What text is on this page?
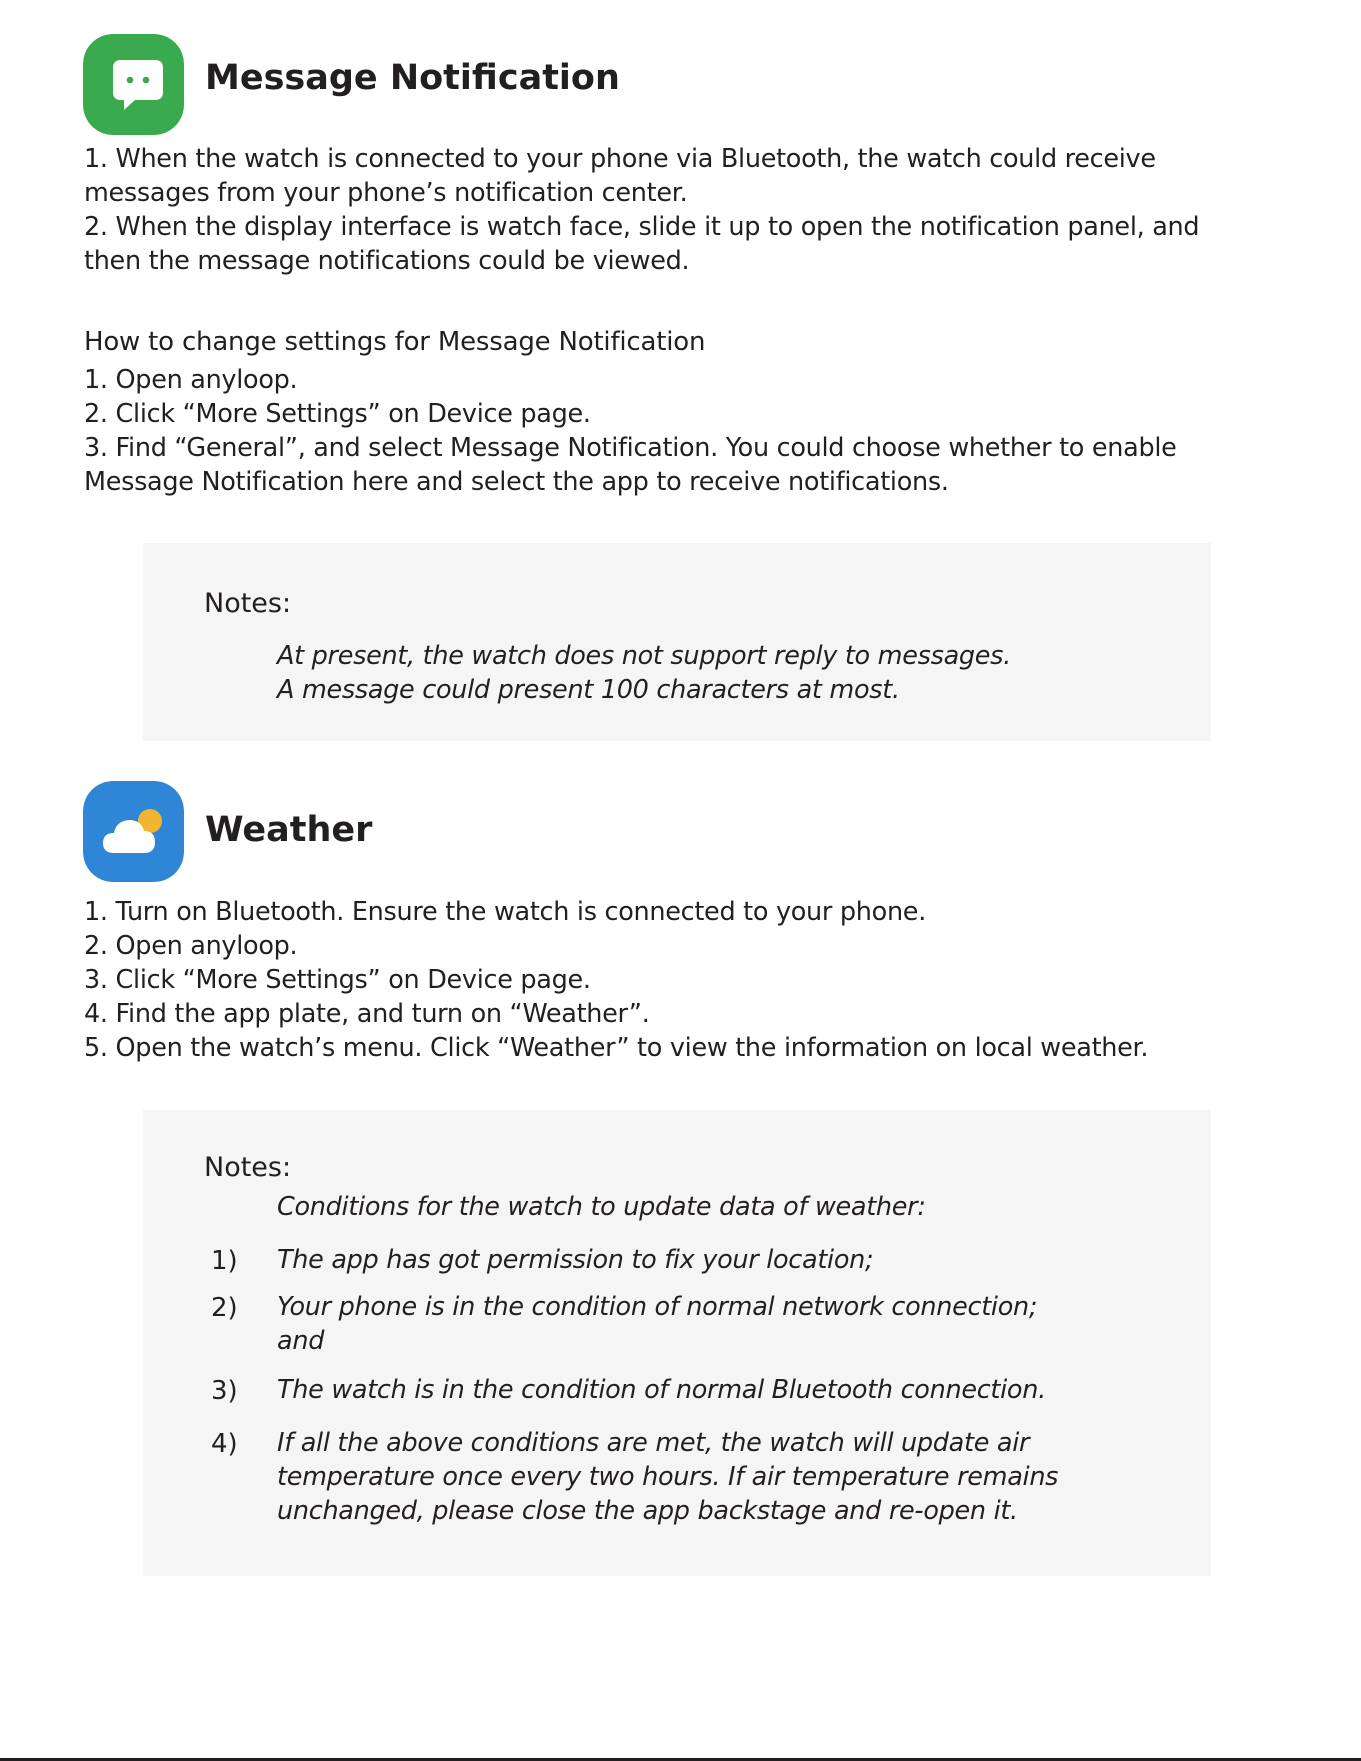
Message Notification
1. When the watch is connected to your phone via Bluetooth, the watch could receive
messages from your phone’s notification center.
2. When the display interface is watch face, slide it up to open the notification panel, and
then the message notifications could be viewed.
How to change settings for Message Notification
1. Open anyloop.
2. Click “More Settings” on Device page.
3. Find “General”, and select Message Notification. You could choose whether to enable
Message Notification here and select the app to receive notifications.
Notes:
At present, the watch does not support reply to messages.
A message could present 100 characters at most.
Weather
1. Turn on Bluetooth. Ensure the watch is connected to your phone.
2. Open anyloop.
3. Click “More Settings” on Device page.
4. Find the app plate, and turn on “Weather”.
5. Open the watch’s menu. Click “Weather” to view the information on local weather.
Notes:
Conditions for the watch to update data of weather:
1) The app has got permission to fix your location;
2) Your phone is in the condition of normal network connection;
and
3) The watch is in the condition of normal Bluetooth connection.
4) If all the above conditions are met, the watch will update air
temperature once every two hours. If air temperature remains
unchanged, please close the app backstage and re-open it.
